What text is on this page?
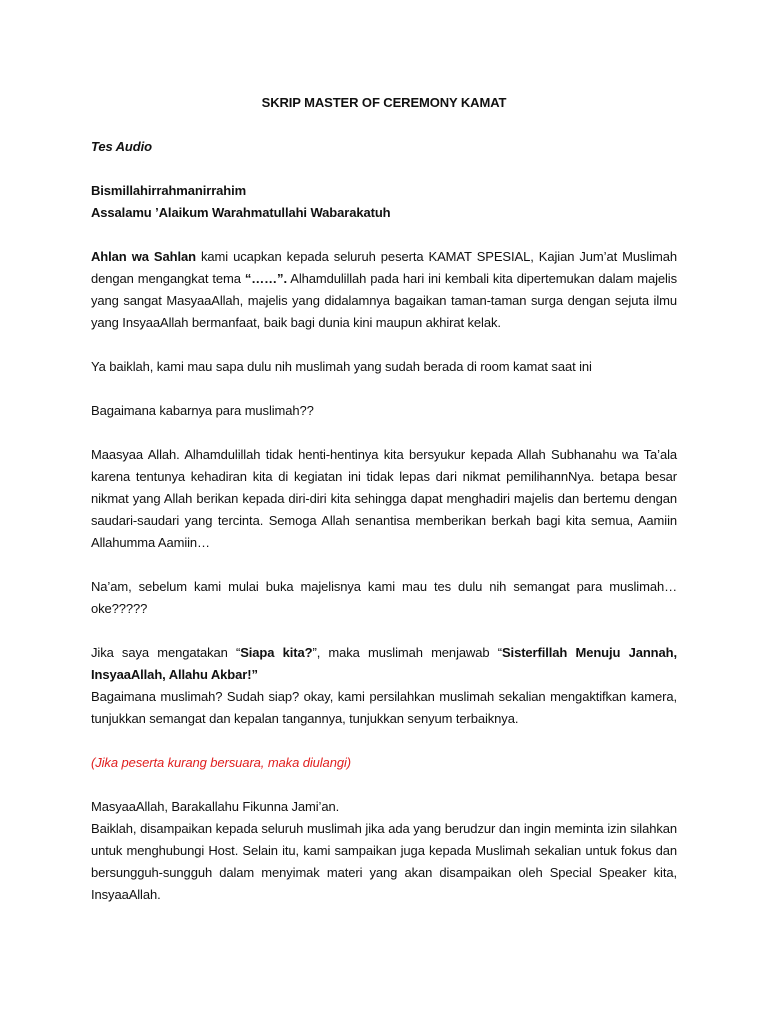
SKRIP MASTER OF CEREMONY KAMAT
Tes Audio
Bismillahirrahmanirrahim
Assalamu ’Alaikum Warahmatullahi Wabarakatuh
Ahlan wa Sahlan kami ucapkan kepada seluruh peserta KAMAT SPESIAL, Kajian Jum’at Muslimah dengan mengangkat tema “……”. Alhamdulillah pada hari ini kembali kita dipertemukan dalam majelis yang sangat MasyaaAllah, majelis yang didalamnya bagaikan taman-taman surga dengan sejuta ilmu yang InsyaaAllah bermanfaat, baik bagi dunia kini maupun akhirat kelak.
Ya baiklah, kami mau sapa dulu nih muslimah yang sudah berada di room kamat saat ini
Bagaimana kabarnya para muslimah??
Maasyaa Allah. Alhamdulillah tidak henti-hentinya kita bersyukur kepada Allah Subhanahu wa Ta’ala karena tentunya kehadiran kita di kegiatan ini tidak lepas dari nikmat pemilihannNya. betapa besar nikmat yang Allah berikan kepada diri-diri kita sehingga dapat menghadiri majelis dan bertemu dengan saudari-saudari yang tercinta. Semoga Allah senantisa memberikan berkah bagi kita semua, Aamiin Allahumma Aamiin…
Na’am, sebelum kami mulai buka majelisnya kami mau tes dulu nih semangat para muslimah… oke?????
Jika saya mengatakan “Siapa kita?”, maka muslimah menjawab “Sisterfillah Menuju Jannah, InsyaaAllah, Allahu Akbar!”
Bagaimana muslimah? Sudah siap? okay, kami persilahkan muslimah sekalian mengaktifkan kamera, tunjukkan semangat dan kepalan tangannya, tunjukkan senyum terbaiknya.
(Jika peserta kurang bersuara, maka diulangi)
MasyaaAllah, Barakallahu Fikunna Jami’an.
Baiklah, disampaikan kepada seluruh muslimah jika ada yang berudzur dan ingin meminta izin silahkan untuk menghubungi Host. Selain itu, kami sampaikan juga kepada Muslimah sekalian untuk fokus dan bersungguh-sungguh dalam menyimak materi yang akan disampaikan oleh Special Speaker kita, InsyaaAllah.
